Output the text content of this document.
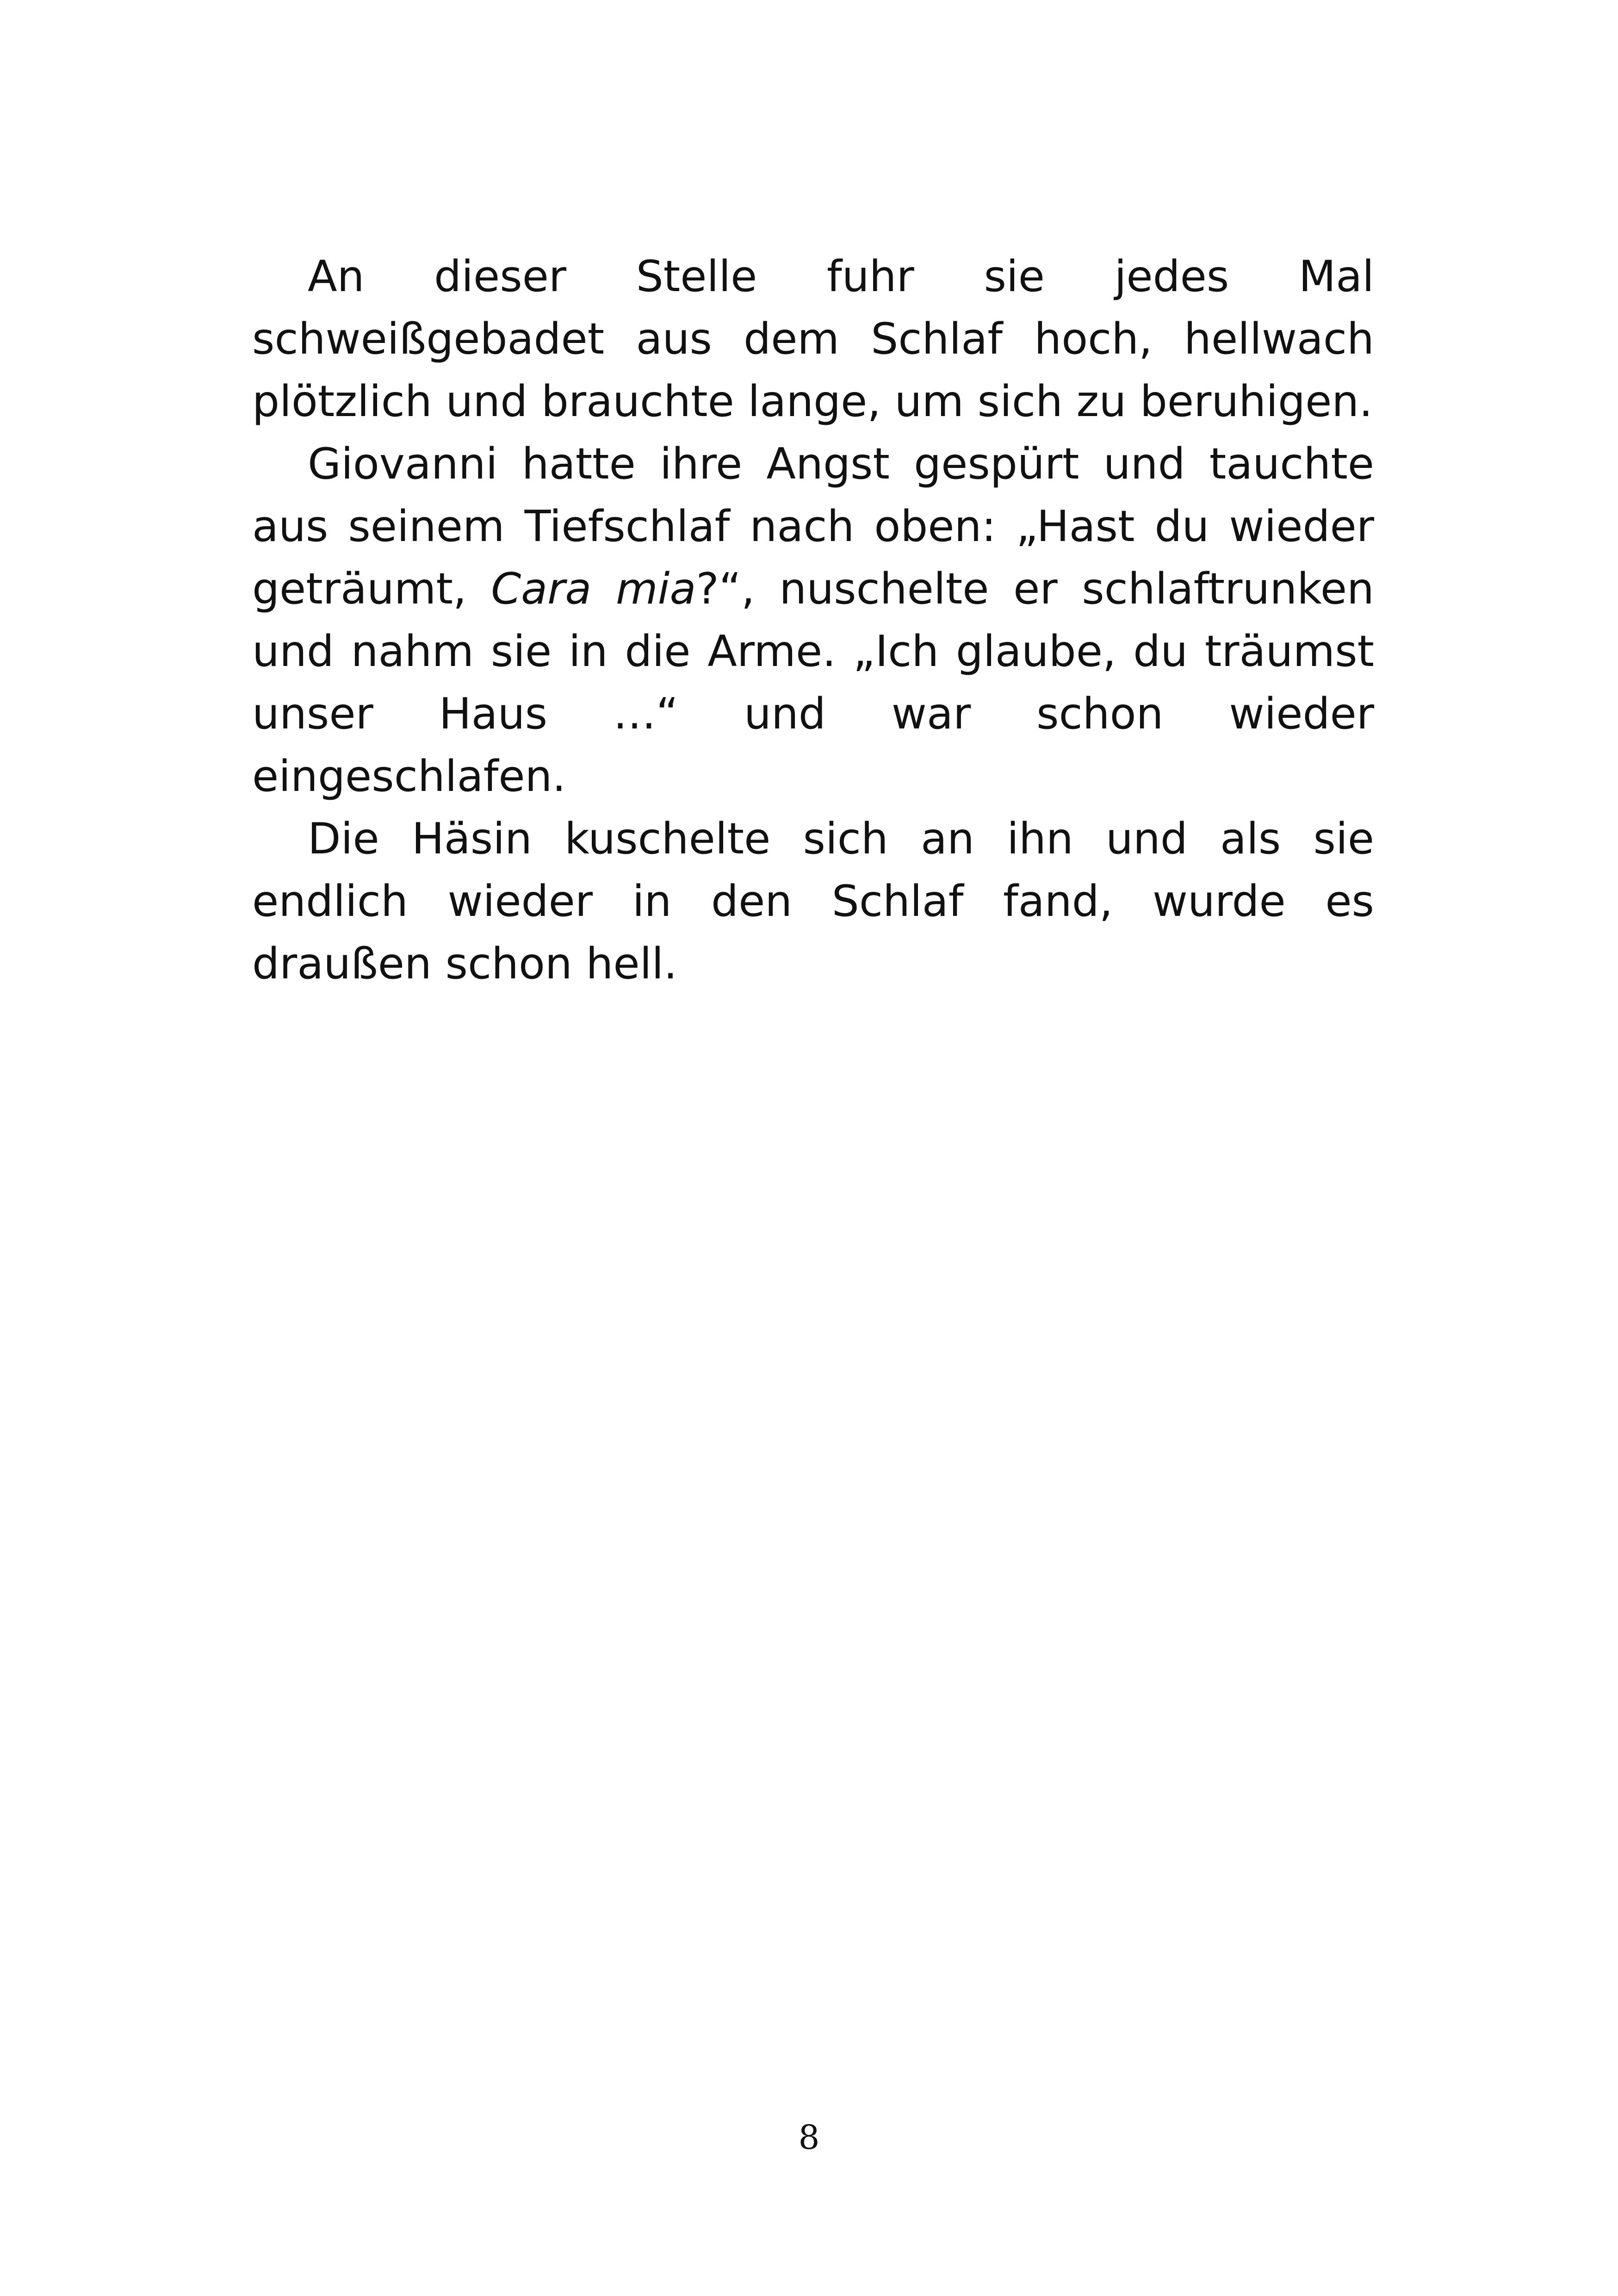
An dieser Stelle fuhr sie jedes Mal schweißgebadet aus dem Schlaf hoch, hellwach plötzlich und brauchte lange, um sich zu beruhigen.

Giovanni hatte ihre Angst gespürt und tauchte aus seinem Tiefschlaf nach oben: „Hast du wieder geträumt, Cara mia?“, nuschelte er schlaftrunken und nahm sie in die Arme. „Ich glaube, du träumst unser Haus …“ und war schon wieder eingeschlafen.

Die Häsin kuschelte sich an ihn und als sie endlich wieder in den Schlaf fand, wurde es draußen schon hell.

8
